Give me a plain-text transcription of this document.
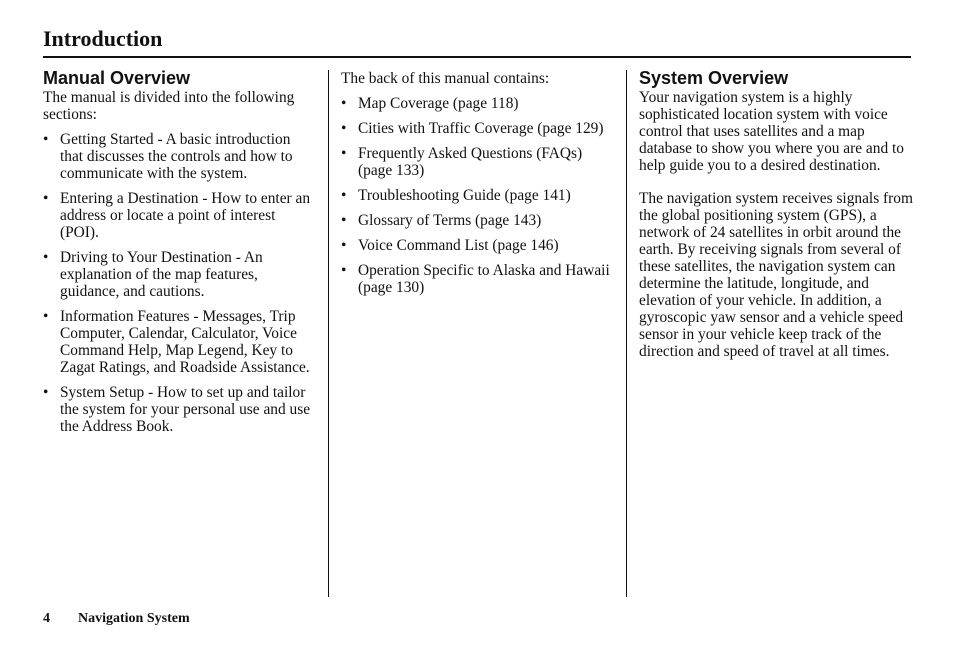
Introduction
Manual Overview

The manual is divided into the following sections:

• Getting Started - A basic introduction that discusses the controls and how to communicate with the system.
• Entering a Destination - How to enter an address or locate a point of interest (POI).
• Driving to Your Destination - An explanation of the map features, guidance, and cautions.
• Information Features - Messages, Trip Computer, Calendar, Calculator, Voice Command Help, Map Legend, Key to Zagat Ratings, and Roadside Assistance.
• System Setup - How to set up and tailor the system for your personal use and use the Address Book.

The back of this manual contains:

• Map Coverage (page 118)
• Cities with Traffic Coverage (page 129)
• Frequently Asked Questions (FAQs) (page 133)
• Troubleshooting Guide (page 141)
• Glossary of Terms (page 143)
• Voice Command List (page 146)
• Operation Specific to Alaska and Hawaii (page 130)
System Overview

Your navigation system is a highly sophisticated location system with voice control that uses satellites and a map database to show you where you are and to help guide you to a desired destination.

The navigation system receives signals from the global positioning system (GPS), a network of 24 satellites in orbit around the earth. By receiving signals from several of these satellites, the navigation system can determine the latitude, longitude, and elevation of your vehicle. In addition, a gyroscopic yaw sensor and a vehicle speed sensor in your vehicle keep track of the direction and speed of travel at all times.

4 Navigation System
